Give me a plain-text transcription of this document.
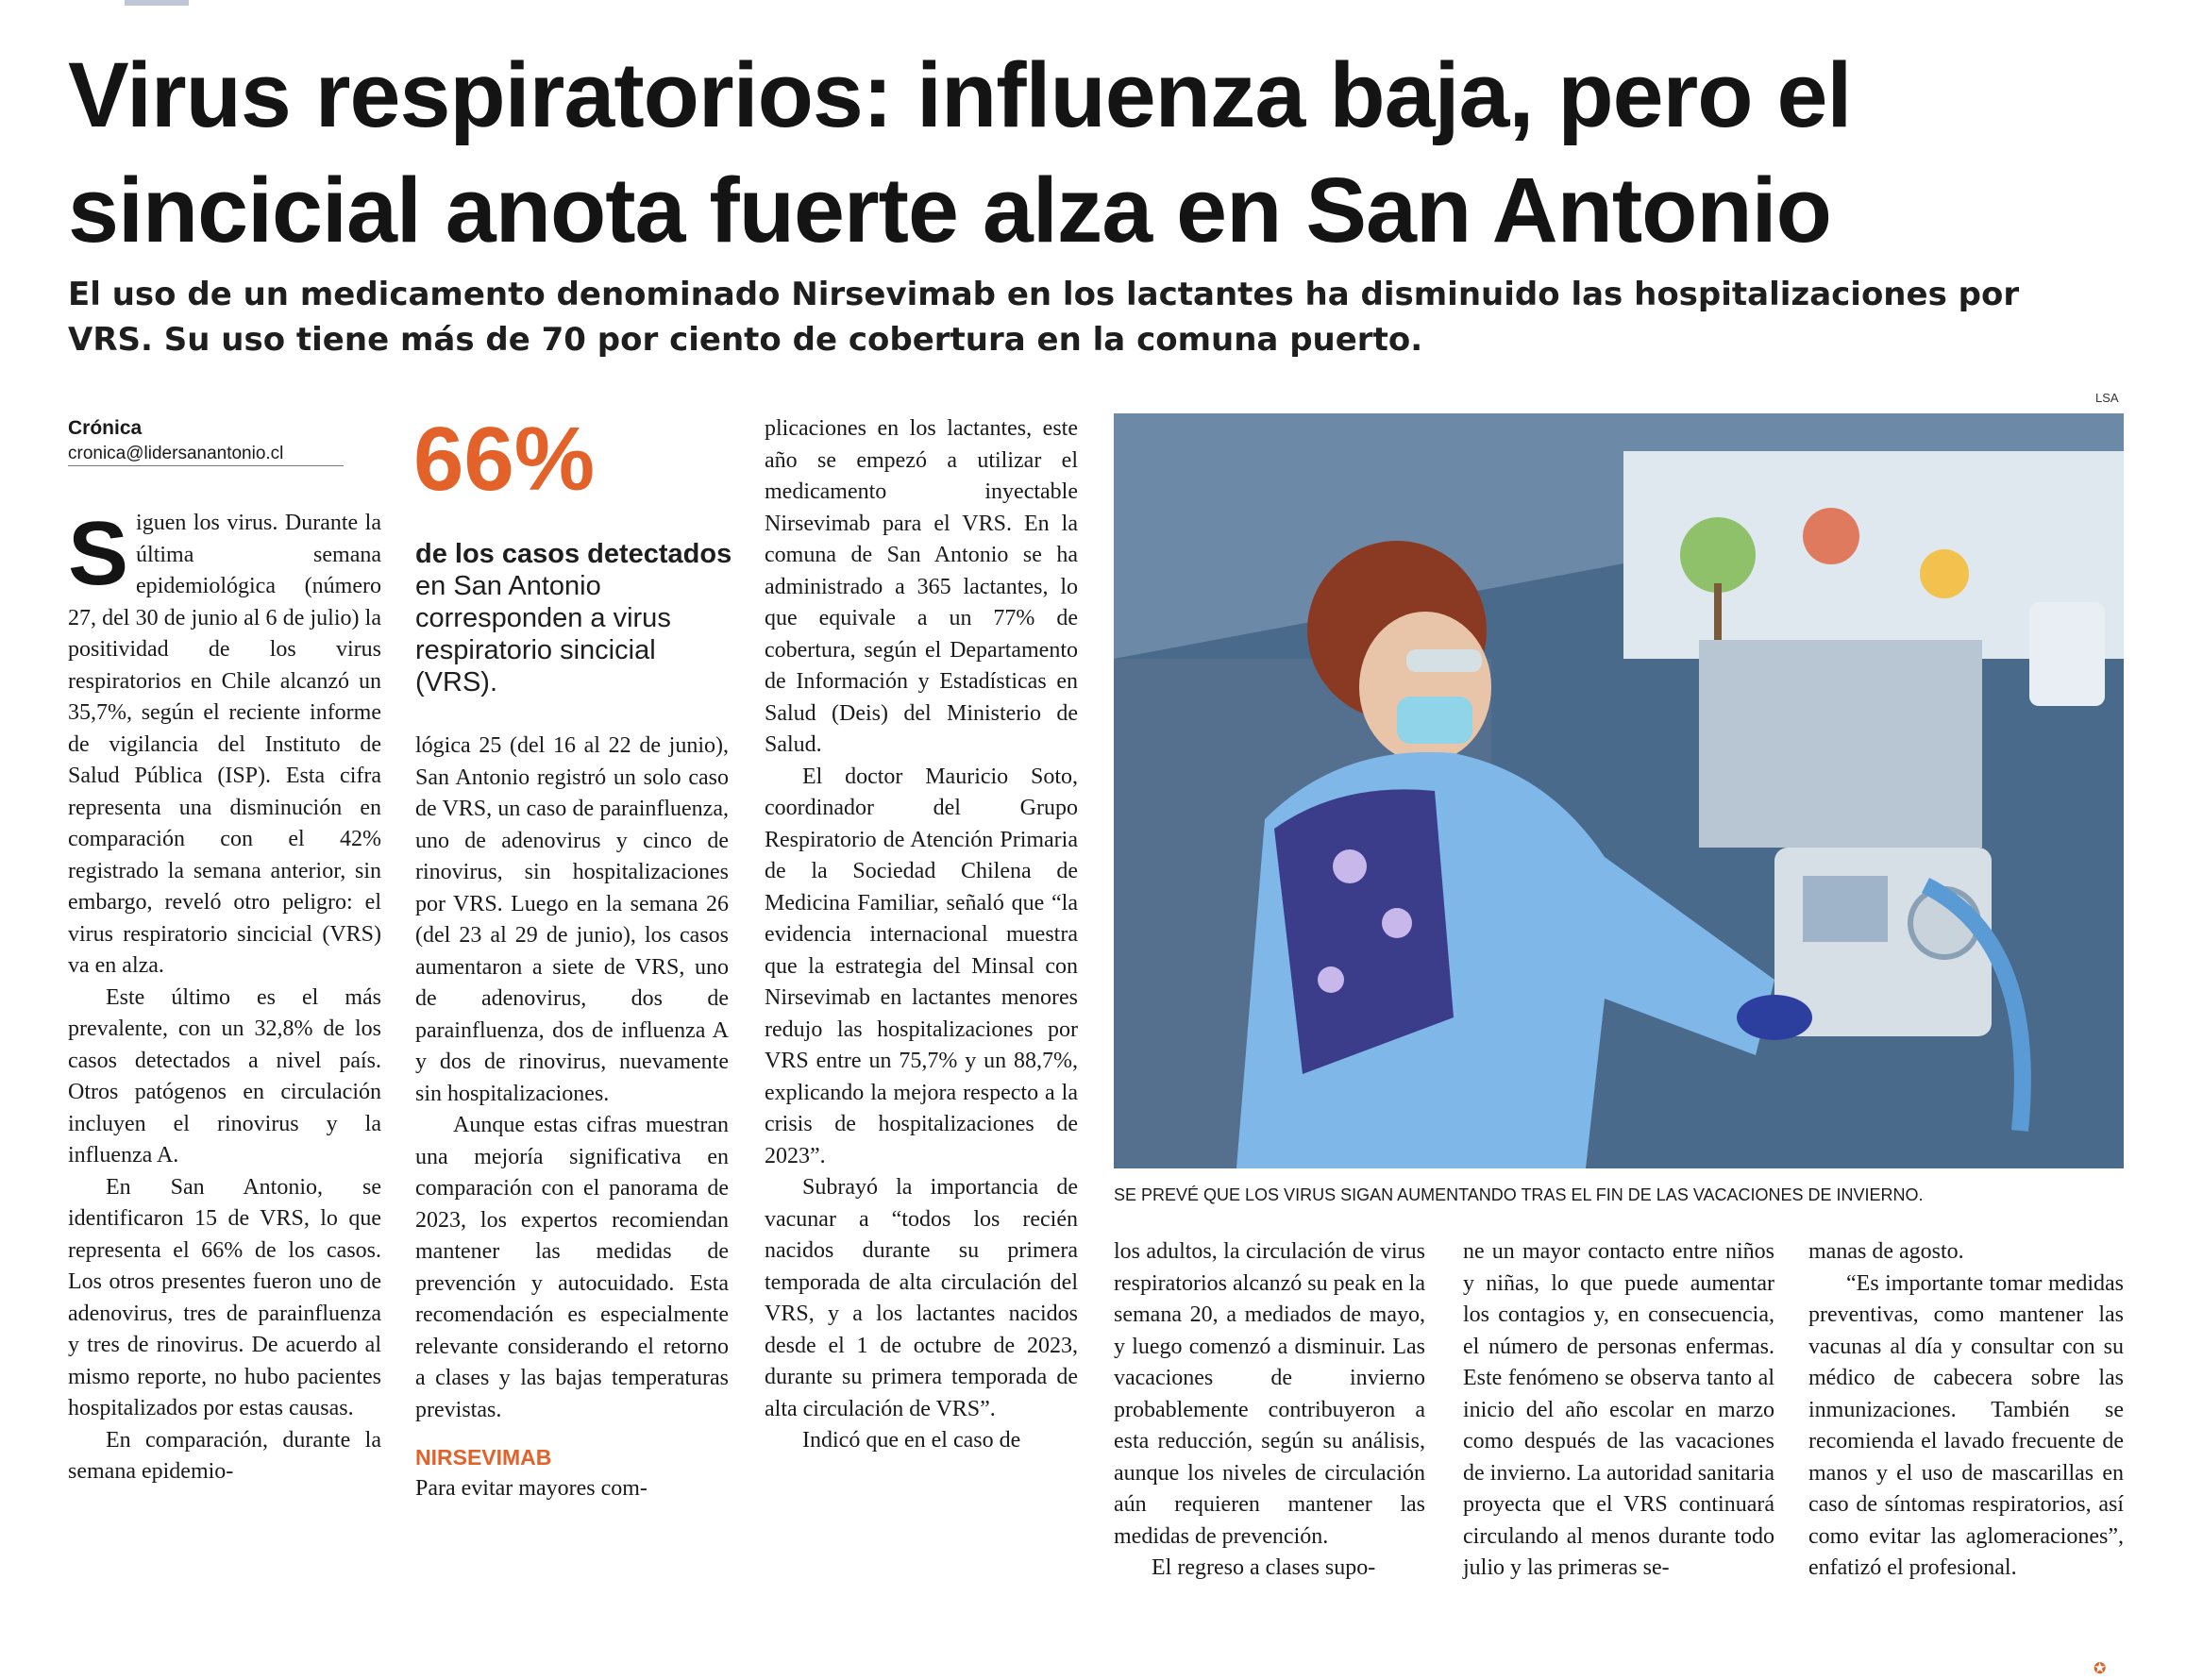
Virus respiratorios: influenza baja, pero el
sincicial anota fuerte alza en San Antonio
El uso de un medicamento denominado Nirsevimab en los lactantes ha disminuido las hospitalizaciones por
VRS. Su uso tiene más de 70 por ciento de cobertura en la comuna puerto.
Crónica
cronica@lidersanantonio.cl

Siguen los virus. Durante la última semana epidemiológica (número 27, del 30 de junio al 6 de julio) la positividad de los virus respiratorios en Chile alcanzó un 35,7%, según el reciente informe de vigilancia del Instituto de Salud Pública (ISP). Esta cifra representa una disminución en comparación con el 42% registrado la semana anterior, sin embargo, reveló otro peligro: el virus respiratorio sincicial (VRS) va en alza.

Este último es el más prevalente, con un 32,8% de los casos detectados a nivel país. Otros patógenos en circulación incluyen el rinovirus y la influenza A.

En San Antonio, se identificaron 15 de VRS, lo que representa el 66% de los casos. Los otros presentes fueron uno de adenovirus, tres de parainfluenza y tres de rinovirus. De acuerdo al mismo reporte, no hubo pacientes hospitalizados por estas causas.

En comparación, durante la semana epidemio-

66%
de los casos detectados en San Antonio corresponden a virus respiratorio sincicial (VRS).

lógica 25 (del 16 al 22 de junio), San Antonio registró un solo caso de VRS, un caso de parainfluenza, uno de adenovirus y cinco de rinovirus, sin hospitalizaciones por VRS. Luego en la semana 26 (del 23 al 29 de junio), los casos aumentaron a siete de VRS, uno de adenovirus, dos de parainfluenza, dos de influenza A y dos de rinovirus, nuevamente sin hospitalizaciones.

Aunque estas cifras muestran una mejoría significativa en comparación con el panorama de 2023, los expertos recomiendan mantener las medidas de prevención y autocuidado. Esta recomendación es especialmente relevante considerando el retorno a clases y las bajas temperaturas previstas.

NIRSEVIMAB

Para evitar mayores com-

plicaciones en los lactantes, este año se empezó a utilizar el medicamento inyectable Nirsevimab para el VRS. En la comuna de San Antonio se ha administrado a 365 lactantes, lo que equivale a un 77% de cobertura, según el Departamento de Información y Estadísticas en Salud (Deis) del Ministerio de Salud.

El doctor Mauricio Soto, coordinador del Grupo Respiratorio de Atención Primaria de la Sociedad Chilena de Medicina Familiar, señaló que “la evidencia internacional muestra que la estrategia del Minsal con Nirsevimab en lactantes menores redujo las hospitalizaciones por VRS entre un 75,7% y un 88,7%, explicando la mejora respecto a la crisis de hospitalizaciones de 2023”.

Subrayó la importancia de vacunar a “todos los recién nacidos durante su primera temporada de alta circulación del VRS, y a los lactantes nacidos desde el 1 de octubre de 2023, durante su primera temporada de alta circulación de VRS”.

Indicó que en el caso de

LSA
SE PREVÉ QUE LOS VIRUS SIGAN AUMENTANDO TRAS EL FIN DE LAS VACACIONES DE INVIERNO.

los adultos, la circulación de virus respiratorios alcanzó su peak en la semana 20, a mediados de mayo, y luego comenzó a disminuir. Las vacaciones de invierno probablemente contribuyeron a esta reducción, según su análisis, aunque los niveles de circulación aún requieren mantener las medidas de prevención.

El regreso a clases supo-

ne un mayor contacto entre niños y niñas, lo que puede aumentar los contagios y, en consecuencia, el número de personas enfermas. Este fenómeno se observa tanto al inicio del año escolar en marzo como después de las vacaciones de invierno. La autoridad sanitaria proyecta que el VRS continuará circulando al menos durante todo julio y las primeras se-

manas de agosto.

“Es importante tomar medidas preventivas, como mantener las vacunas al día y consultar con su médico de cabecera sobre las inmunizaciones. También se recomienda el lavado frecuente de manos y el uso de mascarillas en caso de síntomas respiratorios, así como evitar las aglomeraciones”, enfatizó el profesional.

✪
